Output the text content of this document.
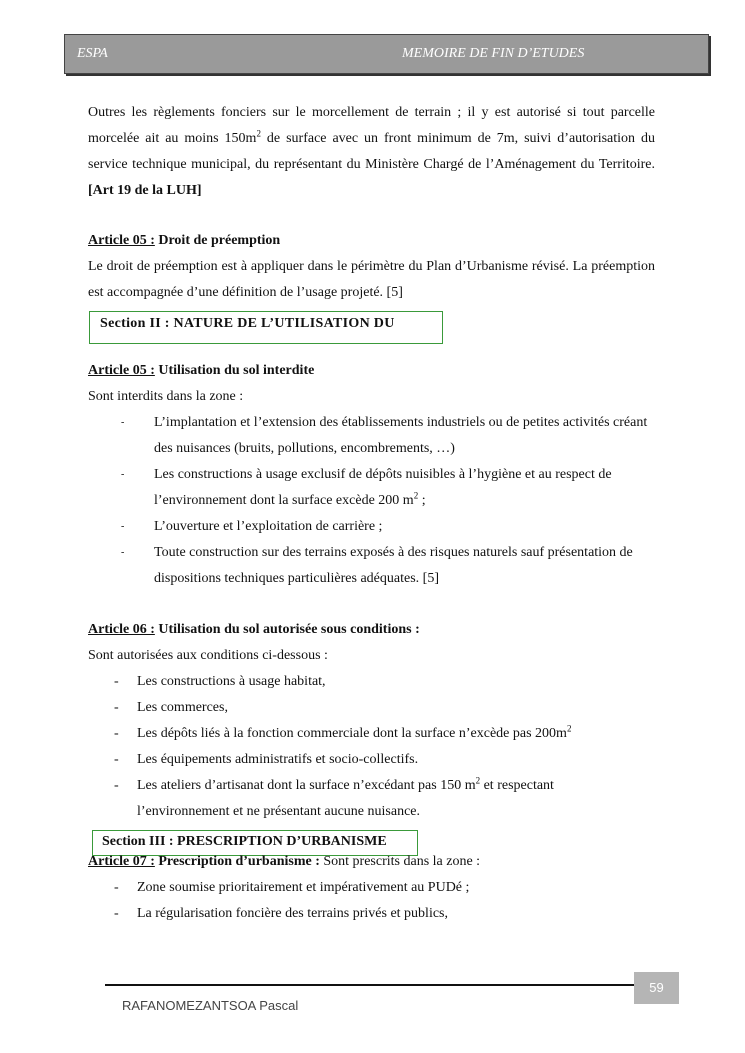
ESPA	MEMOIRE DE FIN D’ETUDES
Outres les règlements fonciers sur le morcellement de terrain ; il y est autorisé si tout parcelle morcelée ait au moins $150m^2$ de surface avec un front minimum de 7m, suivi d’autorisation du service technique municipal, du représentant du Ministère Chargé de l’Aménagement du Territoire. [Art 19 de la LUH]
Article 05 : Droit de préemption
Le droit de préemption est à appliquer dans le périmètre du Plan d’Urbanisme révisé. La préemption est accompagnée d’une définition de l’usage projeté. [5]
Section II : NATURE DE L’UTILISATION DU
Article 05 : Utilisation du sol interdite
Sont interdits dans la zone :
- L’implantation et l’extension des établissements industriels ou de petites activités créant des nuisances (bruits, pollutions, encombrements, …)
- Les constructions à usage exclusif de dépôts nuisibles à l’hygiène et au respect de l’environnement dont la surface excède 200 $m^2$ ;
- L’ouverture et l’exploitation de carrière ;
- Toute construction sur des terrains exposés à des risques naturels sauf présentation de dispositions techniques particulières adéquates. [5]
Article 06 : Utilisation du sol autorisée sous conditions :
Sont autorisées aux conditions ci-dessous :
- Les constructions à usage habitat,
- Les commerces,
- Les dépôts liés à la fonction commerciale dont la surface n’excède pas $200m^2$
- Les équipements administratifs et socio-collectifs.
- Les ateliers d’artisanat dont la surface n’excédant pas 150 $m^2$ et respectant l’environnement et ne présentant aucune nuisance.
Section III : PRESCRIPTION D’URBANISME
Article 07 : Prescription d’urbanisme : Sont prescrits dans la zone :
- Zone soumise prioritairement et impérativement au PUDé ;
- La régularisation foncière des terrains privés et publics,
59
RAFANOMEZANTSOA Pascal
